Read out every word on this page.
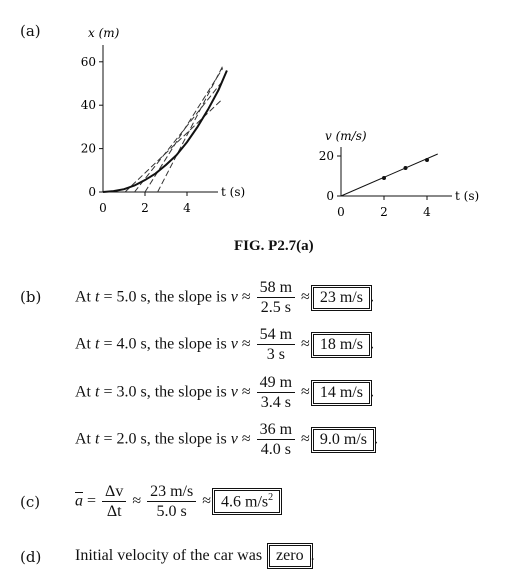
(a)
0
20
40
60
0	2	4
x (m)
t (s)	0
20
0	2	4
v (m/s)
t (s)
FIG. P2.7(a)
(b) At t = 5.0 s, the slope is $v \approx \frac{58 m}{2.5 s} \approx 23$ m/s .
At t = 4.0 s, the slope is $v \approx \frac{54 m}{3 s} \approx 18$ m/s .
At t = 3.0 s, the slope is $v \approx \frac{49 m}{3.4 s} \approx 14$ m/s .
At t = 2.0 s, the slope is $v \approx \frac{36 m}{4.0 s} \approx 9.0$ m/s .
(c) $\overline{a} = \frac{\Delta v}{\Delta t} \approx \frac{23 m/s}{5.0 s} \approx 4.6$ $m/s^2$
(d) Initial velocity of the car was zero .
